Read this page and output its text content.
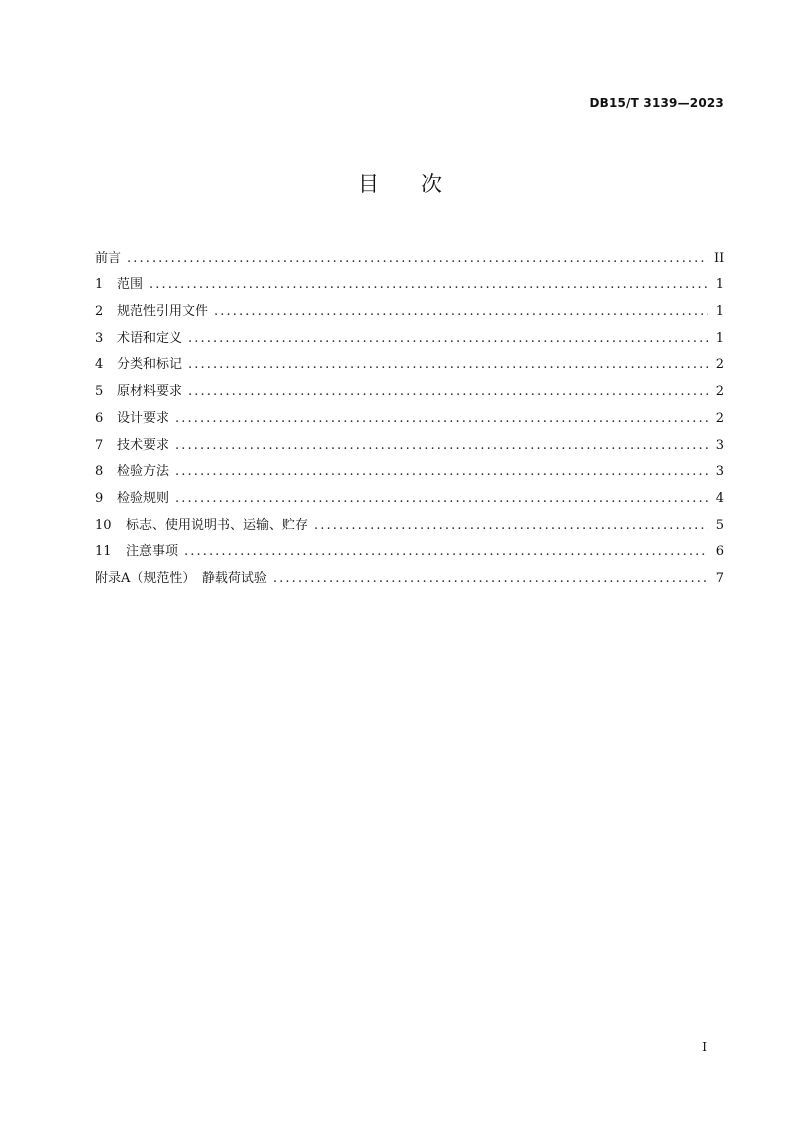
DB15/T 3139—2023
目次
前言 .....	II
1	范围 .....	1
2	规范性引用文件 .....	1
3	术语和定义 .....	1
4	分类和标记 .....	2
5	原材料要求 .....	2
6	设计要求 .....	2
7	技术要求 .....	3
8	检验方法 .....	3
9	检验规则 .....	4
10	标志、使用说明书、运输、贮存 .....	5
11	注意事项 .....	6
附录A（规范性）　静载荷试验 .....	7
I
